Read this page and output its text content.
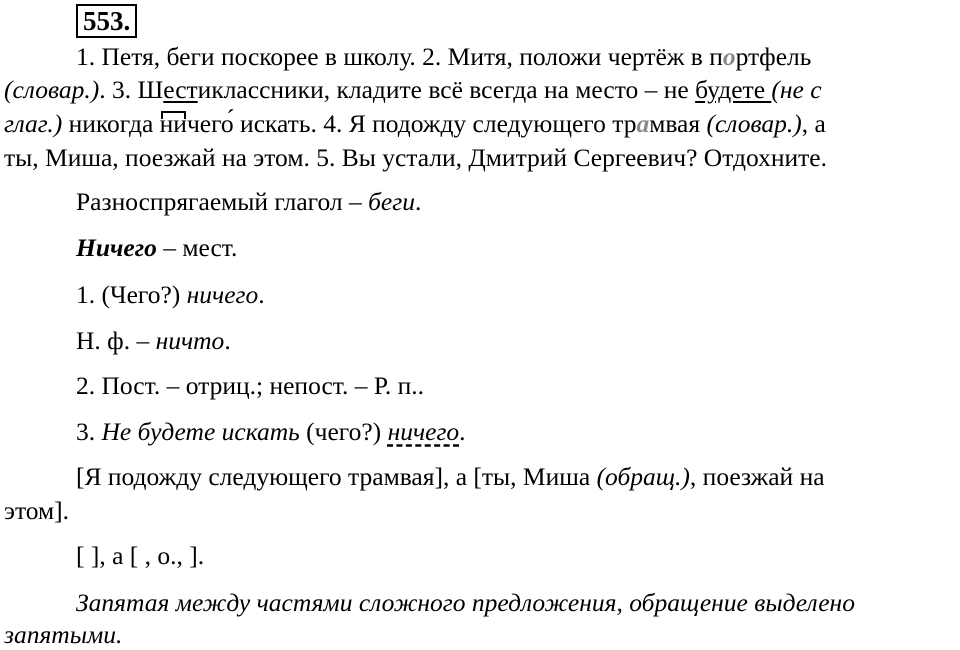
553.
1. Петя, беги поскорее в школу. 2. Митя, положи чертёж в портфель
(словар.). 3. Шестиклассники, кладите всё всегда на место – не будете (не с
глаг.) никогда ничего́ искать. 4. Я подожду следующего трамвая (словар.), а
ты, Миша, поезжай на этом. 5. Вы устали, Дмитрий Сергеевич? Отдохните.
Разноспрягаемый глагол – беги.
Ничего – мест.
1. (Чего?) ничего.
Н. ф. – ничто.
2. Пост. – отриц.; непост. – Р. п..
3. Не будете искать (чего?) ничего.
[Я подожду следующего трамвая], а [ты, Миша (обращ.), поезжай на
этом].
[ ], а [ , о., ].
Запятая между частями сложного предложения, обращение выделено
запятыми.
